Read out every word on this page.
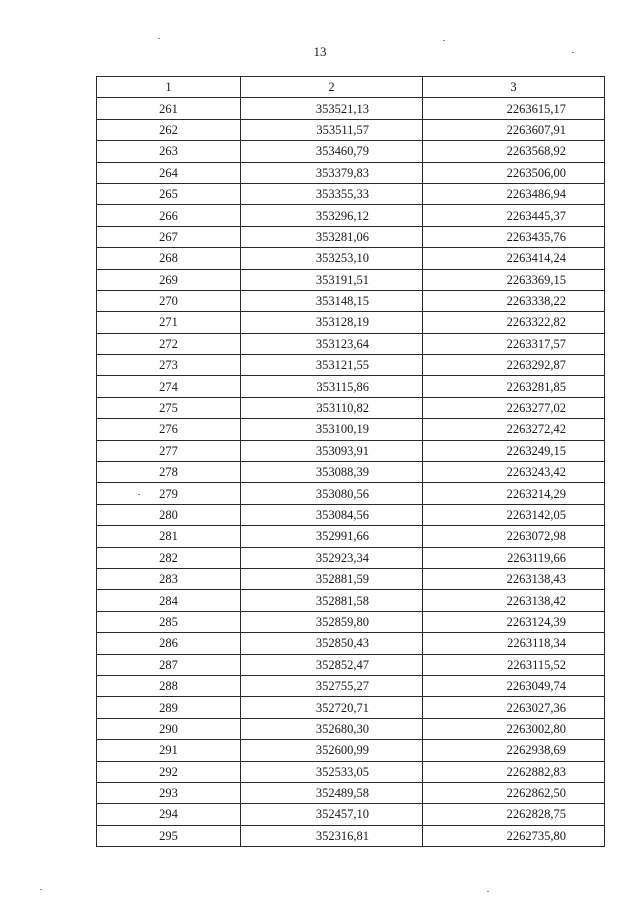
13
1	2	3
261	353521,13	2263615,17
262	353511,57	2263607,91
263	353460,79	2263568,92
264	353379,83	2263506,00
265	353355,33	2263486,94
266	353296,12	2263445,37
267	353281,06	2263435,76
268	353253,10	2263414,24
269	353191,51	2263369,15
270	353148,15	2263338,22
271	353128,19	2263322,82
272	353123,64	2263317,57
273	353121,55	2263292,87
274	353115,86	2263281,85
275	353110,82	2263277,02
276	353100,19	2263272,42
277	353093,91	2263249,15
278	353088,39	2263243,42
279	353080,56	2263214,29
280	353084,56	2263142,05
281	352991,66	2263072,98
282	352923,34	2263119,66
283	352881,59	2263138,43
284	352881,58	2263138,42
285	352859,80	2263124,39
286	352850,43	2263118,34
287	352852,47	2263115,52
288	352755,27	2263049,74
289	352720,71	2263027,36
290	352680,30	2263002,80
291	352600,99	2262938,69
292	352533,05	2262882,83
293	352489,58	2262862,50
294	352457,10	2262828,75
295	352316,81	2262735,80
